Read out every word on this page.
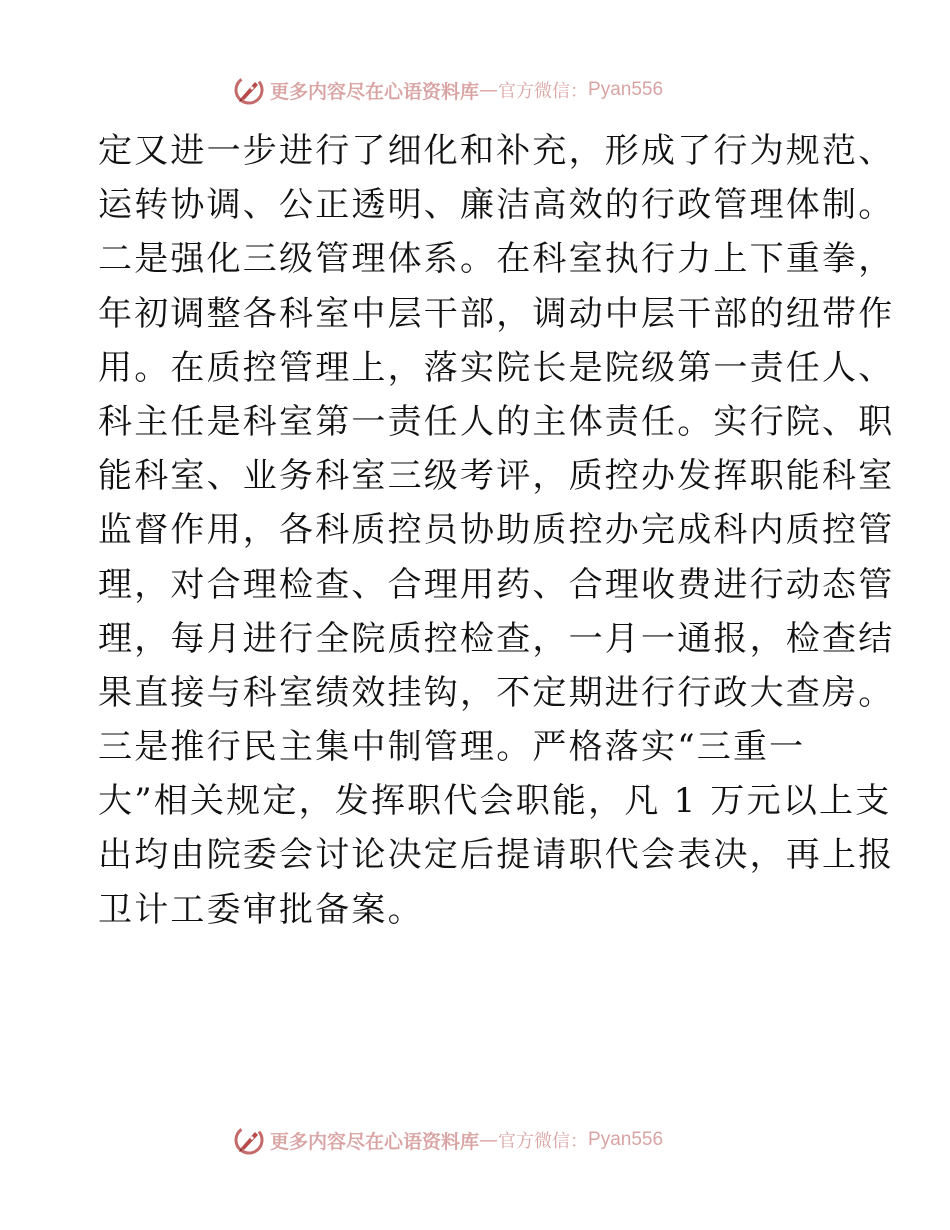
更多内容尽在心语资料库 — 官方微信： Pyan556
定又进一步进行了细化和补充，形成了行为规范、
运转协调、公正透明、廉洁高效的行政管理体制。
二是强化三级管理体系。在科室执行力上下重拳，
年初调整各科室中层干部，调动中层干部的纽带作
用。在质控管理上，落实院长是院级第一责任人、
科主任是科室第一责任人的主体责任。实行院、职
能科室、业务科室三级考评，质控办发挥职能科室
监督作用，各科质控员协助质控办完成科内质控管
理，对合理检查、合理用药、合理收费进行动态管
理，每月进行全院质控检查，一月一通报，检查结
果直接与科室绩效挂钩，不定期进行行政大查房。
三是推行民主集中制管理。严格落实“三重一
大”相关规定，发挥职代会职能，凡 1 万元以上支
出均由院委会讨论决定后提请职代会表决，再上报
卫计工委审批备案。
更多内容尽在心语资料库 — 官方微信： Pyan556
